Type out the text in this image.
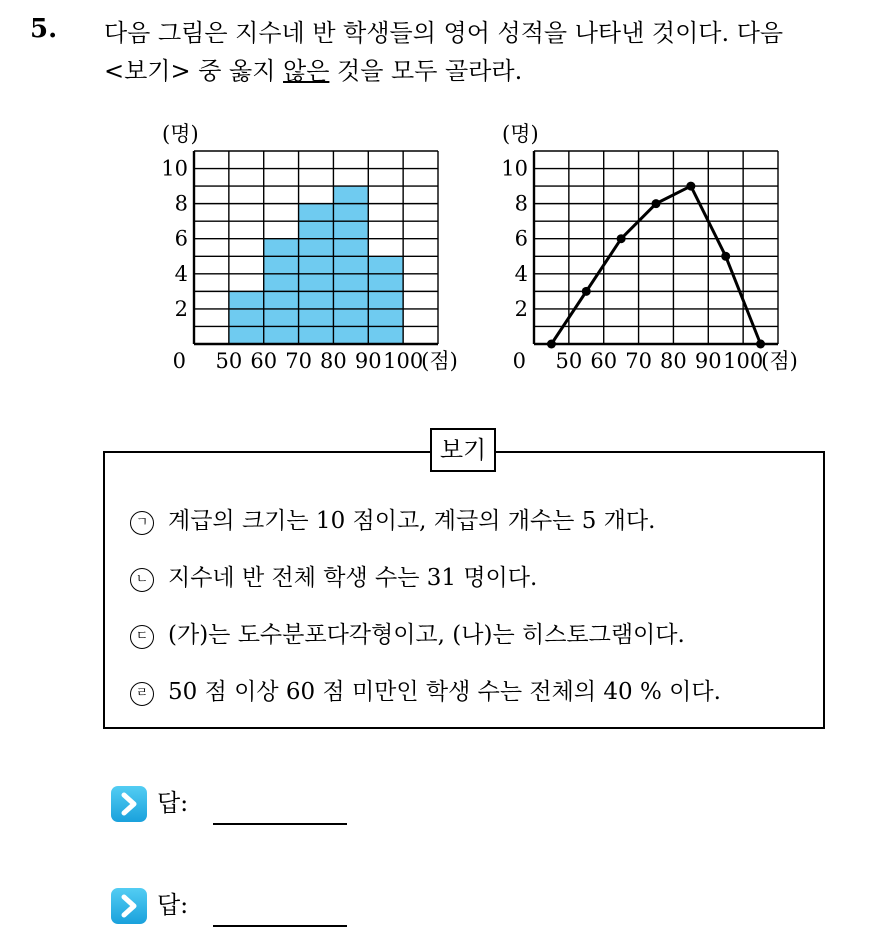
5. 다음 그림은 지수네 반 학생들의 영어 성적을 나타낸 것이다. 다음
<보기> 중 옳지 않은 것을 모두 골라라.
(명)
2
4
6
8
10
0 50 60 70 80 90 100
(점)
(명)
2
4
6
8
10
0 50 60 70 80 90 100
(점)
보기
ㄱ 계급의 크기는 10 점이고, 계급의 개수는 5 개다.
ㄴ 지수네 반 전체 학생 수는 31 명이다.
ㄷ (가)는 도수분포다각형이고, (나)는 히스토그램이다.
ㄹ 50 점 이상 60 점 미만인 학생 수는 전체의 40 % 이다.
답:
답:
